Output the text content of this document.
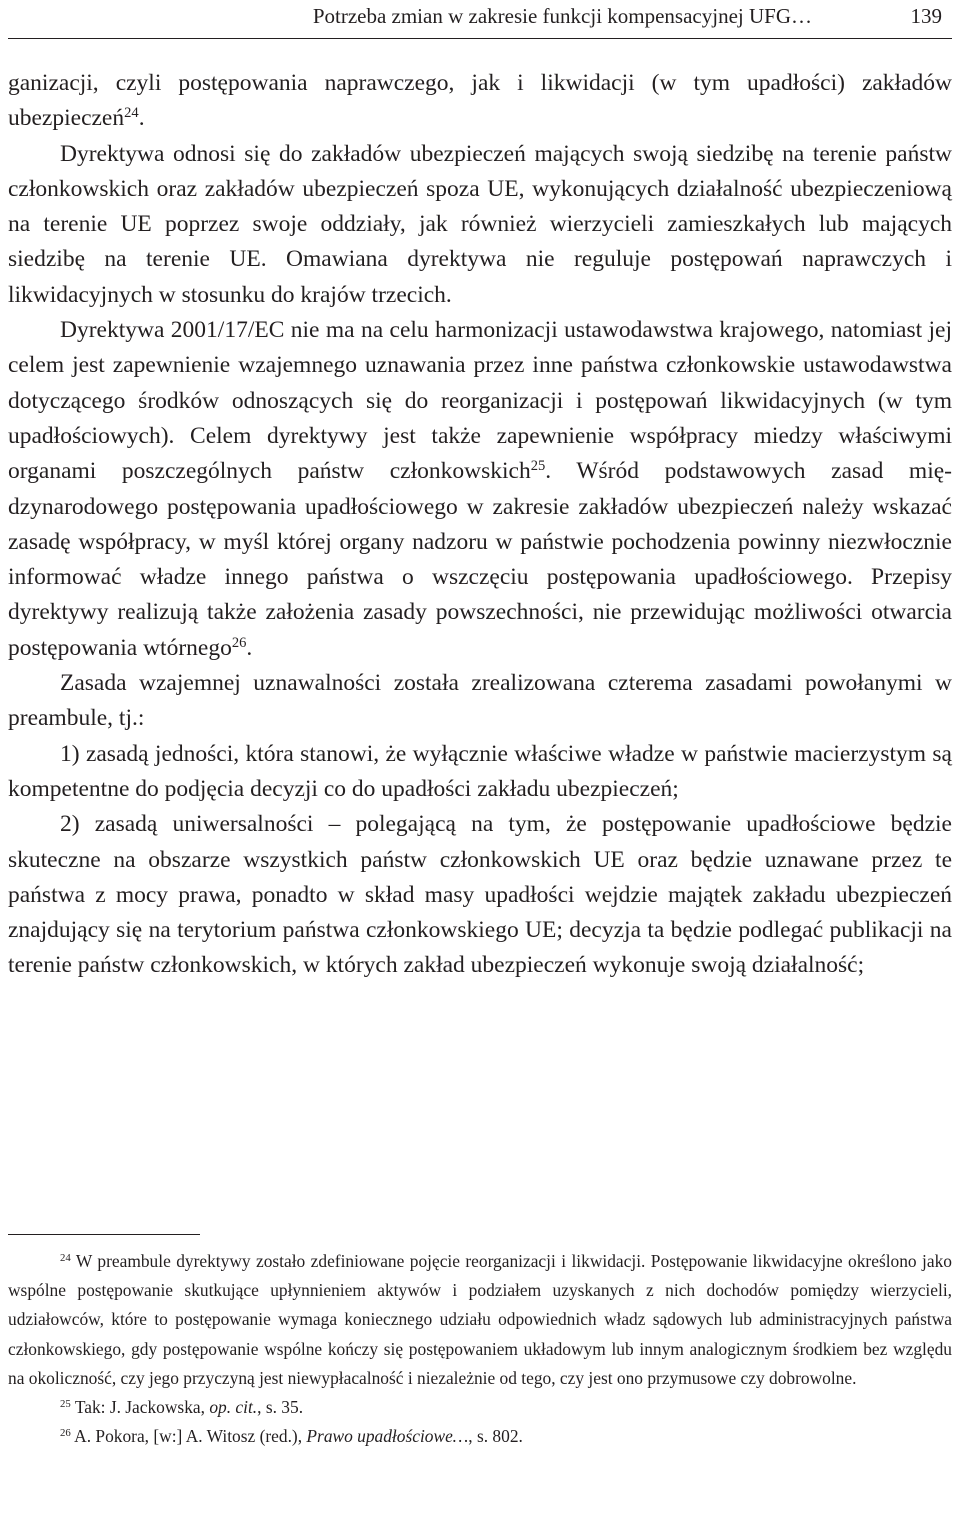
Potrzeba zmian w zakresie funkcji kompensacyjnej UFG…	139

ganizacji, czyli postępowania naprawczego, jak i likwidacji (w tym upadłości) zakładów ubezpieczeń$^{24}$.

Dyrektywa odnosi się do zakładów ubezpieczeń mających swoją siedzibę na terenie państw członkowskich oraz zakładów ubezpieczeń spoza UE, wykonujących działalność ubezpieczeniową na terenie UE poprzez swoje oddziały, jak również wierzycieli zamieszkałych lub mających siedzibę na terenie UE. Omawiana dyrektywa nie reguluje postępowań naprawczych i likwidacyjnych w stosunku do krajów trzecich.

Dyrektywa 2001/17/EC nie ma na celu harmonizacji ustawodawstwa krajowego, natomiast jej celem jest zapewnienie wzajemnego uznawania przez inne państwa członkowskie ustawodawstwa dotyczącego środków odnoszących się do reorganizacji i postępowań likwidacyjnych (w tym upadłościowych). Celem dyrektywy jest także zapewnienie współpracy miedzy właściwymi organami poszczególnych państw członkowskich$^{25}$. Wśród podstawowych zasad międzynarodowego postępowania upadłościowego w zakresie zakładów ubezpieczeń należy wskazać zasadę współpracy, w myśl której organy nadzoru w państwie pochodzenia powinny niezwłocznie informować władze innego państwa o wszczęciu postępowania upadłościowego. Przepisy dyrektywy realizują także założenia zasady powszechności, nie przewidując możliwości otwarcia postępowania wtórnego$^{26}$.

Zasada wzajemnej uznawalności została zrealizowana czterema zasadami powołanymi w preambule, tj.:

1) zasadą jedności, która stanowi, że wyłącznie właściwe władze w państwie macierzystym są kompetentne do podjęcia decyzji co do upadłości zakładu ubezpieczeń;

2) zasadą uniwersalności – polegającą na tym, że postępowanie upadłościowe będzie skuteczne na obszarze wszystkich państw członkowskich UE oraz będzie uznawane przez te państwa z mocy prawa, ponadto w skład masy upadłości wejdzie majątek zakładu ubezpieczeń znajdujący się na terytorium państwa członkowskiego UE; decyzja ta będzie podlegać publikacji na terenie państw członkowskich, w których zakład ubezpieczeń wykonuje swoją działalność;

$^{24}$ W preambule dyrektywy zostało zdefiniowane pojęcie reorganizacji i likwidacji. Postępowanie likwidacyjne określono jako wspólne postępowanie skutkujące upłynnieniem aktywów i podziałem uzyskanych z nich dochodów pomiędzy wierzycieli, udziałowców, które to postępowanie wymaga koniecznego udziału odpowiednich władz sądowych lub administracyjnych państwa członkowskiego, gdy postępowanie wspólne kończy się postępowaniem układowym lub innym analogicznym środkiem bez względu na okoliczność, czy jego przyczyną jest niewypłacalność i niezależnie od tego, czy jest ono przymusowe czy dobrowolne.

$^{25}$ Tak: J. Jackowska, op. cit., s. 35.

$^{26}$ A. Pokora, [w:] A. Witosz (red.), Prawo upadłościowe…, s. 802.
